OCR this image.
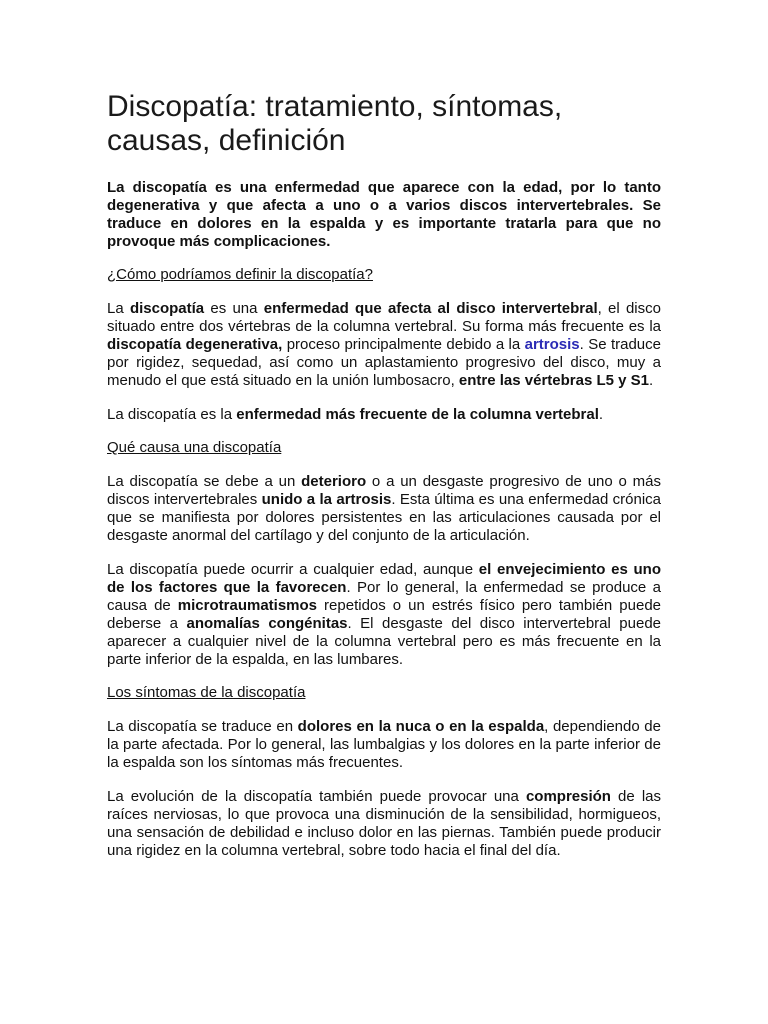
Discopatía: tratamiento, síntomas, causas, definición

La discopatía es una enfermedad que aparece con la edad, por lo tanto degenerativa y que afecta a uno o a varios discos intervertebrales. Se traduce en dolores en la espalda y es importante tratarla para que no provoque más complicaciones.

¿Cómo podríamos definir la discopatía?

La discopatía es una enfermedad que afecta al disco intervertebral, el disco situado entre dos vértebras de la columna vertebral. Su forma más frecuente es la discopatía degenerativa, proceso principalmente debido a la artrosis. Se traduce por rigidez, sequedad, así como un aplastamiento progresivo del disco, muy a menudo el que está situado en la unión lumbosacro, entre las vértebras L5 y S1.

La discopatía es la enfermedad más frecuente de la columna vertebral.

Qué causa una discopatía

La discopatía se debe a un deterioro o a un desgaste progresivo de uno o más discos intervertebrales unido a la artrosis. Esta última es una enfermedad crónica que se manifiesta por dolores persistentes en las articulaciones causada por el desgaste anormal del cartílago y del conjunto de la articulación.

La discopatía puede ocurrir a cualquier edad, aunque el envejecimiento es uno de los factores que la favorecen. Por lo general, la enfermedad se produce a causa de microtraumatismos repetidos o un estrés físico pero también puede deberse a anomalías congénitas. El desgaste del disco intervertebral puede aparecer a cualquier nivel de la columna vertebral pero es más frecuente en la parte inferior de la espalda, en las lumbares.

Los síntomas de la discopatía

La discopatía se traduce en dolores en la nuca o en la espalda, dependiendo de la parte afectada. Por lo general, las lumbalgias y los dolores en la parte inferior de la espalda son los síntomas más frecuentes.

La evolución de la discopatía también puede provocar una compresión de las raíces nerviosas, lo que provoca una disminución de la sensibilidad, hormigueos, una sensación de debilidad e incluso dolor en las piernas. También puede producir una rigidez en la columna vertebral, sobre todo hacia el final del día.
